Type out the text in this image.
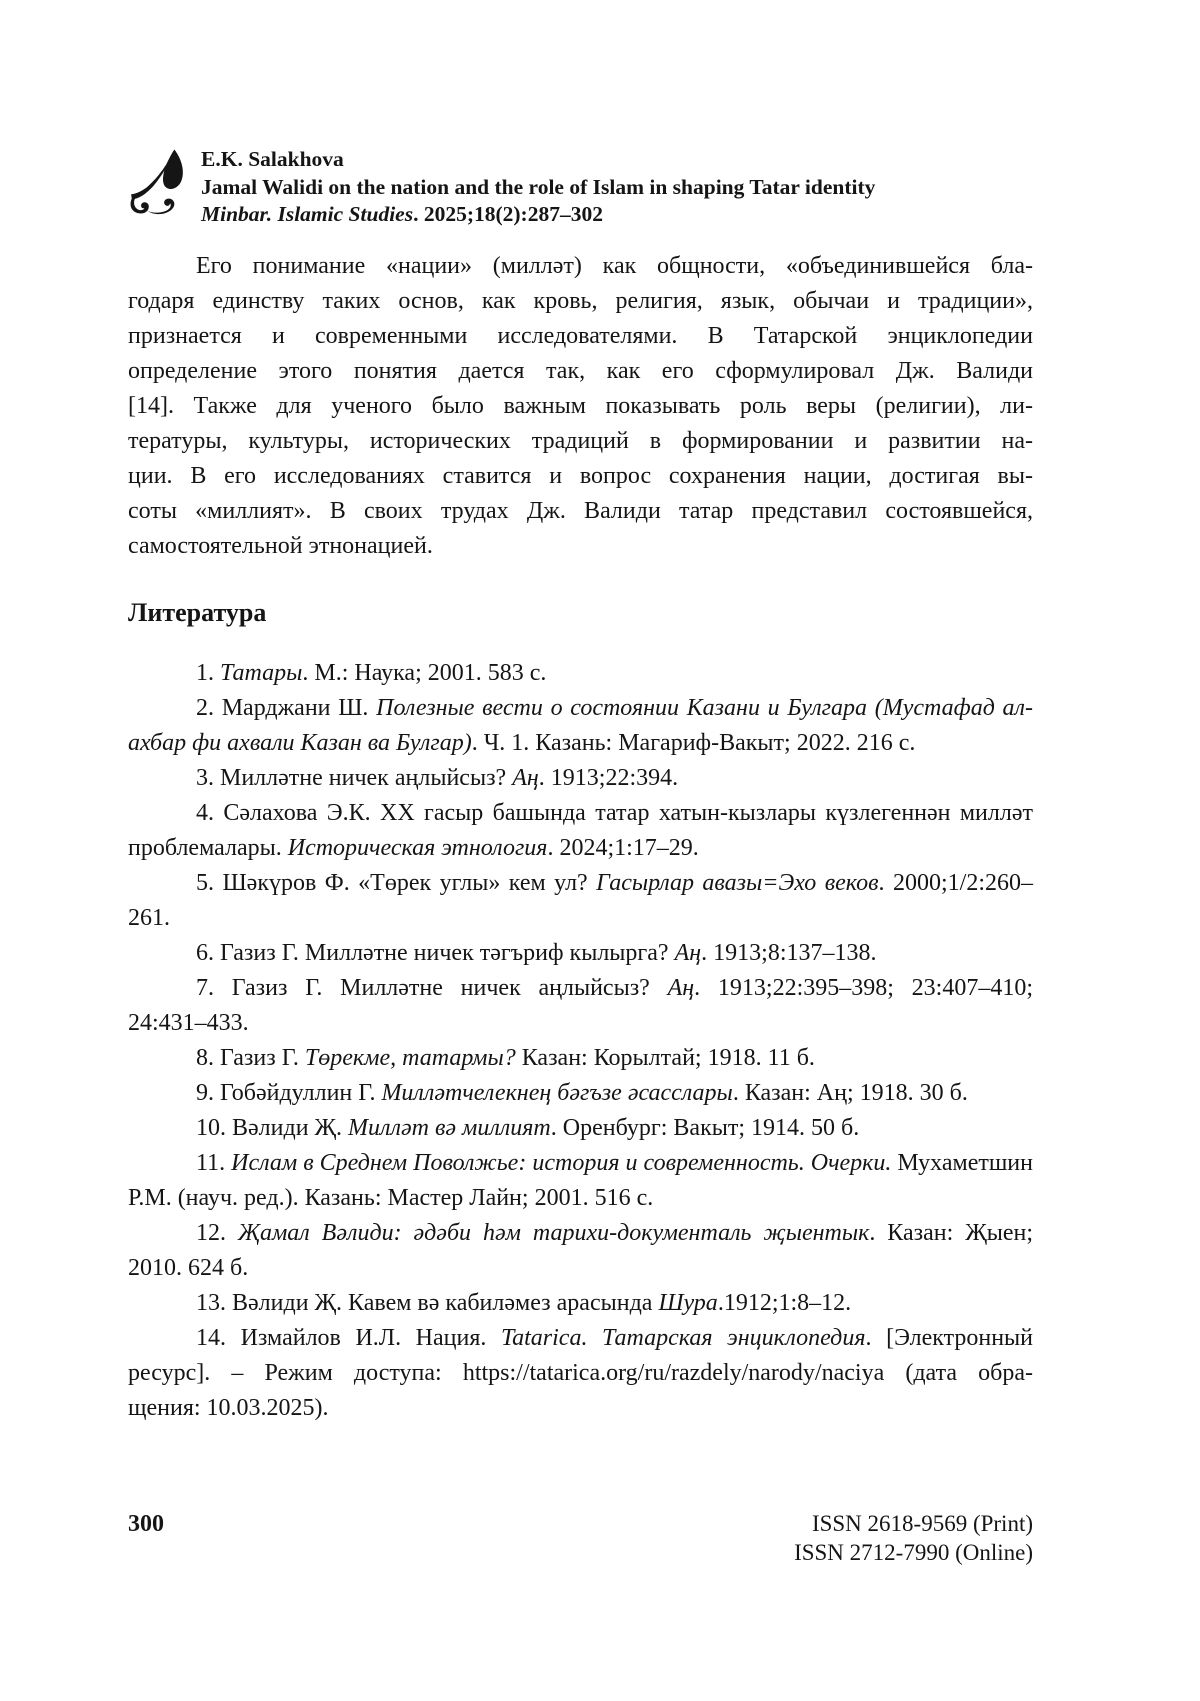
E.K. Salakhova
Jamal Walidi on the nation and the role of Islam in shaping Tatar identity
Minbar. Islamic Studies. 2025;18(2):287–302
Его понимание «нации» (милләт) как общности, «объединившейся бла-
годаря единству таких основ, как кровь, религия, язык, обычаи и традиции»,
признается и современными исследователями. В Татарской энциклопедии
определение этого понятия дается так, как его сформулировал Дж. Валиди
[14]. Также для ученого было важным показывать роль веры (религии), ли-
тературы, культуры, исторических традиций в формировании и развитии на-
ции. В его исследованиях ставится и вопрос сохранения нации, достигая вы-
соты «миллият». В своих трудах Дж. Валиди татар представил состоявшейся,
самостоятельной этнонацией.
Литература
1. Татары. М.: Наука; 2001. 583 с.
2. Марджани Ш. Полезные вести о состоянии Казани и Булгара (Мустафад ал-
ахбар фи ахвали Казан ва Булгар). Ч. 1. Казань: Магариф-Вакыт; 2022. 216 с.
3. Милләтне ничек аңлыйсыз? Аң. 1913;22:394.
4. Сәлахова Э.К. XX гасыр башында татар хатын-кызлары күзлегеннән милләт
проблемалары. Историческая этнология. 2024;1:17–29.
5. Шәкүров Ф. «Төрек углы» кем ул? Гасырлар авазы=Эхо веков. 2000;1/2:260–
261.
6. Газиз Г. Милләтне ничек тәгъриф кылырга? Аң. 1913;8:137–138.
7. Газиз Г. Милләтне ничек аңлыйсыз? Аң. 1913;22:395–398; 23:407–410;
24:431–433.
8. Газиз Г. Төрекме, татармы? Казан: Корылтай; 1918. 11 б.
9. Гобәйдуллин Г. Милләтчелекнең бәгъзе әсасслары. Казан: Аң; 1918. 30 б.
10. Вәлиди Җ. Милләт вә миллият. Оренбург: Вакыт; 1914. 50 б.
11. Ислам в Среднем Поволжье: история и современность. Очерки. Мухаметшин
Р.М. (науч. ред.). Казань: Мастер Лайн; 2001. 516 с.
12. Җамал Вәлиди: әдәби һәм тарихи-документаль җыентык. Казан: Җыен;
2010. 624 б.
13. Вәлиди Җ. Кавем вә кабиләмез арасында Шура.1912;1:8–12.
14. Измайлов И.Л. Нация. Tatarica. Татарская энциклопедия. [Электронный
ресурс]. – Режим доступа: https://tatarica.org/ru/razdely/narody/naciya (дата обра-
щения: 10.03.2025).
300	ISSN 2618-9569 (Print)
ISSN 2712-7990 (Online)
